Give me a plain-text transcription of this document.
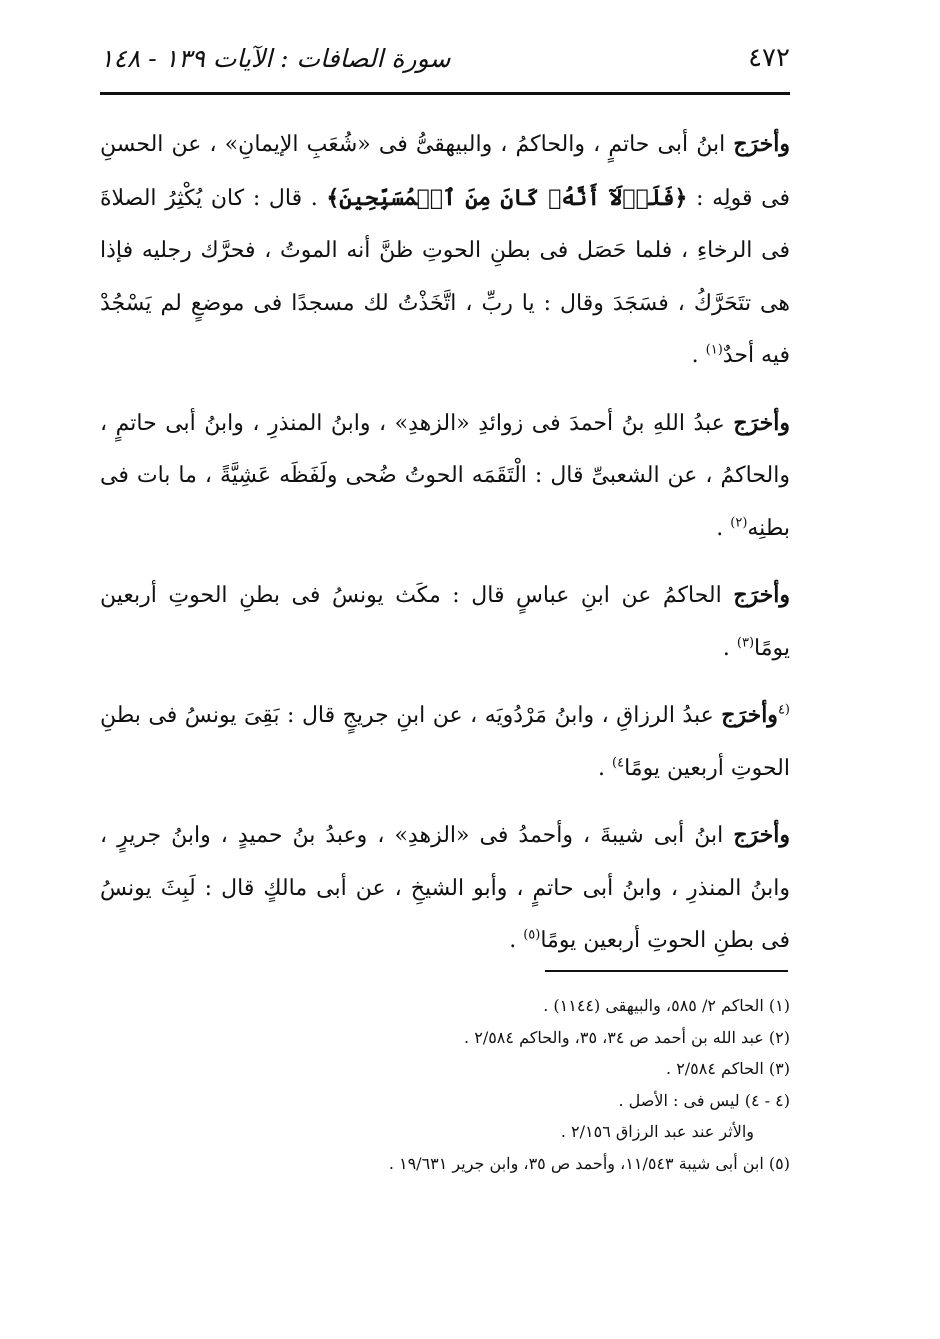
٤٧٢
سورة الصافات : الآيات ١٣٩ - ١٤٨

وأخرَج ابنُ أبى حاتمٍ ، والحاكمُ ، والبيهقىُّ فى «شُعَبِ الإيمانِ» ، عن الحسنِ فى قولِه : ﴿فَلَوۡلَآ أَنَّهُۥ كَانَ مِنَ ٱلۡمُسَبِّحِينَ﴾ . قال : كان يُكْثِرُ الصلاةَ فى الرخاءِ ، فلما حَصَل فى بطنِ الحوتِ ظنَّ أنه الموتُ ، فحرَّك رجليه فإذا هى تتَحَرَّكُ ، فسَجَدَ وقال : يا ربِّ ، اتَّخَذْتُ لك مسجدًا فى موضعٍ لم يَسْجُدْ فيه أحدٌ$^{(١)}$ .

وأخرَج عبدُ اللهِ بنُ أحمدَ فى زوائدِ «الزهدِ» ، وابنُ المنذرِ ، وابنُ أبى حاتمٍ ، والحاكمُ ، عن الشعبىِّ قال : الْتَقَمَه الحوتُ ضُحى ولَفَظَه عَشِيَّةً ، ما بات فى بطنِه$^{(٢)}$ .

وأخرَج الحاكمُ عن ابنِ عباسٍ قال : مكَث يونسُ فى بطنِ الحوتِ أربعين يومًا$^{(٣)}$ .

$^{(٤}$وأخرَج عبدُ الرزاقِ ، وابنُ مَرْدُويَه ، عن ابنِ جريجٍ قال : بَقِىَ يونسُ فى بطنِ الحوتِ أربعين يومًا$^{٤)}$ .

وأخرَج ابنُ أبى شيبةَ ، وأحمدُ فى «الزهدِ» ، وعبدُ بنُ حميدٍ ، وابنُ جريرٍ ، وابنُ المنذرِ ، وابنُ أبى حاتمٍ ، وأبو الشيخِ ، عن أبى مالكٍ قال : لَبِثَ يونسُ فى بطنِ الحوتِ أربعين يومًا$^{(٥)}$ .

(١) الحاكم ٢/ ٥٨٥، والبيهقى (١١٤٤) .

(٢) عبد الله بن أحمد ص ٣٤، ٣٥، والحاكم ٢/٥٨٤ .

(٣) الحاكم ٢/٥٨٤ .

(٤ - ٤) ليس فى : الأصل .

والأثر عند عبد الرزاق ٢/١٥٦ .

(٥) ابن أبى شيبة ١١/٥٤٣، وأحمد ص ٣٥، وابن جرير ١٩/٦٣١ .
